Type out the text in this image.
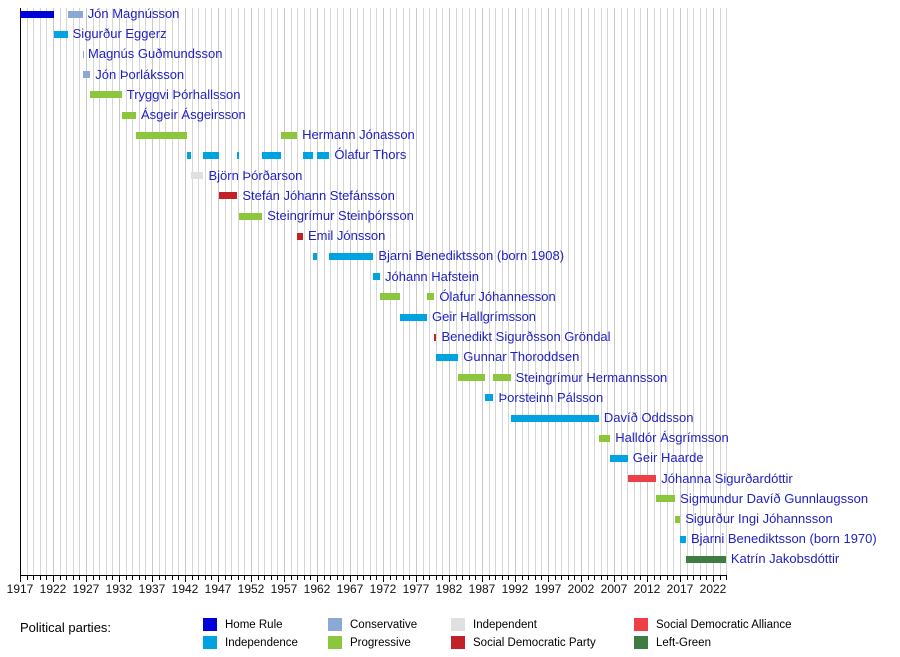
1917 1922 1927 1932 1937 1942 1947 1952 1957 1962 1967 1972 1977 1982 1987 1992 1997 2002 2007 2012 2017 2022
Jón Magnússon
Sigurður Eggerz
Magnús Guðmundsson
Jón Þorláksson
Tryggvi Þórhallsson
Ásgeir Ásgeirsson
Hermann Jónasson
Ólafur Thors
Björn Þórðarson
Stefán Jóhann Stefánsson
Steingrímur Steinþórsson
Emil Jónsson
Bjarni Benediktsson (born 1908)
Jóhann Hafstein
Ólafur Jóhannesson
Geir Hallgrímsson
Benedikt Sigurðsson Gröndal
Gunnar Thoroddsen
Steingrímur Hermannsson
Þorsteinn Pálsson
Davíð Oddsson
Halldór Ásgrímsson
Geir Haarde
Jóhanna Sigurðardóttir
Sigmundur Davíð Gunnlaugsson
Sigurður Ingi Jóhannsson
Bjarni Benediktsson (born 1970)
Katrín Jakobsdóttir
Political parties:	Home Rule
Independence
Conservative
Progressive
Independent
Social Democratic Party
Social Democratic Alliance
Left-Green
